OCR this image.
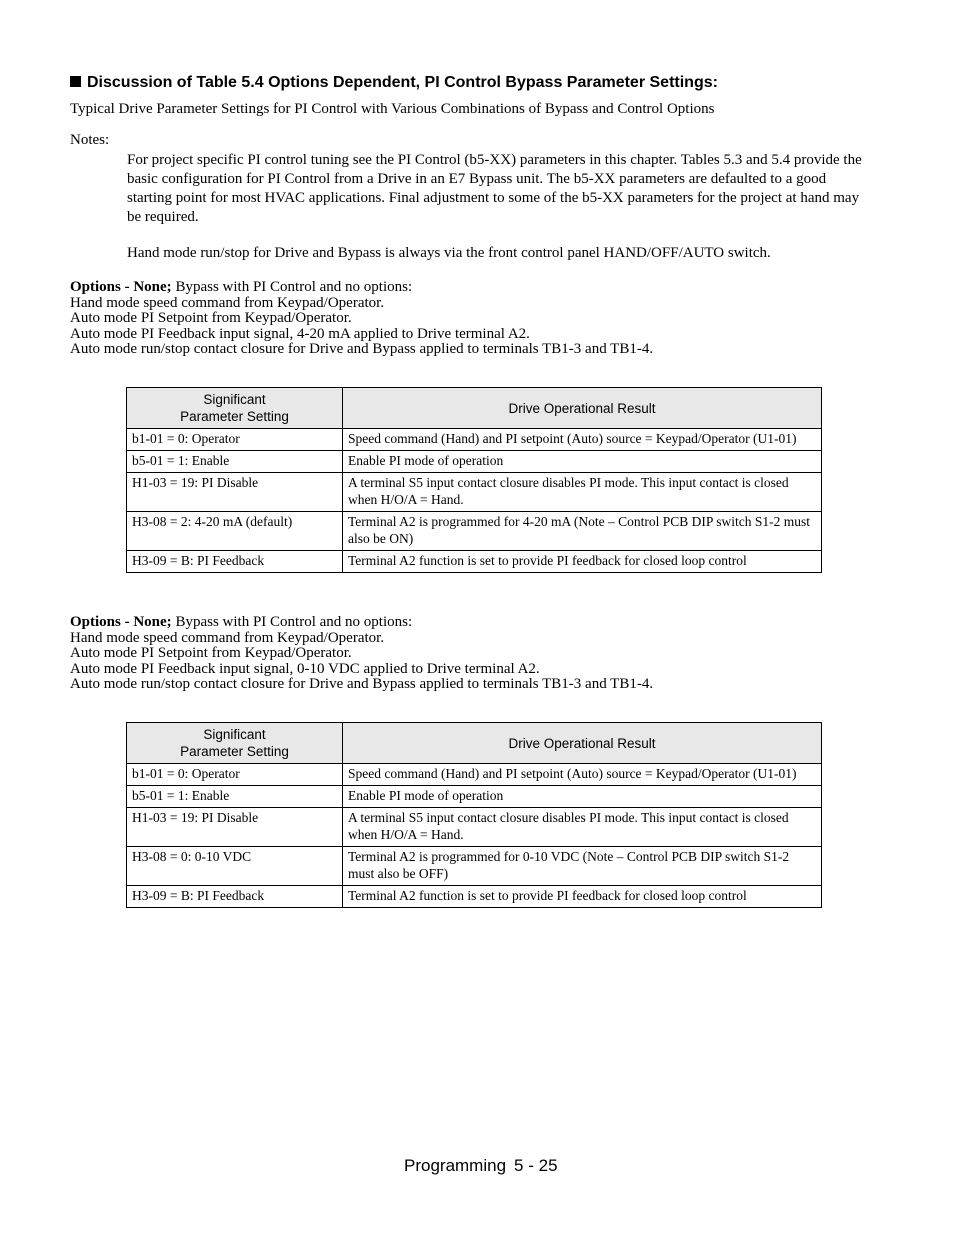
Discussion of Table 5.4 Options Dependent, PI Control Bypass Parameter Settings:
Typical Drive Parameter Settings for PI Control with Various Combinations of Bypass and Control Options
Notes:
For project specific PI control tuning see the PI Control (b5-XX) parameters in this chapter. Tables 5.3 and 5.4 provide the basic configuration for PI Control from a Drive in an E7 Bypass unit. The b5-XX parameters are defaulted to a good starting point for most HVAC applications. Final adjustment to some of the b5-XX parameters for the project at hand may be required.
Hand mode run/stop for Drive and Bypass is always via the front control panel HAND/OFF/AUTO switch.
Options - None; Bypass with PI Control and no options:
Hand mode speed command from Keypad/Operator.
Auto mode PI Setpoint from Keypad/Operator.
Auto mode PI Feedback input signal, 4-20 mA applied to Drive terminal A2.
Auto mode run/stop contact closure for Drive and Bypass applied to terminals TB1-3 and TB1-4.
Significant
Parameter Setting	Drive Operational Result
b1-01 = 0: Operator	Speed command (Hand) and PI setpoint (Auto) source = Keypad/Operator (U1-01)
b5-01 = 1: Enable	Enable PI mode of operation
H1-03 = 19: PI Disable	A terminal S5 input contact closure disables PI mode. This input contact is closed when H/O/A = Hand.
H3-08 = 2: 4-20 mA (default)	Terminal A2 is programmed for 4-20 mA (Note – Control PCB DIP switch S1-2 must also be ON)
H3-09 = B: PI Feedback	Terminal A2 function is set to provide PI feedback for closed loop control
Options - None; Bypass with PI Control and no options:
Hand mode speed command from Keypad/Operator.
Auto mode PI Setpoint from Keypad/Operator.
Auto mode PI Feedback input signal, 0-10 VDC applied to Drive terminal A2.
Auto mode run/stop contact closure for Drive and Bypass applied to terminals TB1-3 and TB1-4.
Significant
Parameter Setting	Drive Operational Result
b1-01 = 0: Operator	Speed command (Hand) and PI setpoint (Auto) source = Keypad/Operator (U1-01)
b5-01 = 1: Enable	Enable PI mode of operation
H1-03 = 19: PI Disable	A terminal S5 input contact closure disables PI mode. This input contact is closed when H/O/A = Hand.
H3-08 = 0: 0-10 VDC	Terminal A2 is programmed for 0-10 VDC (Note – Control PCB DIP switch S1-2 must also be OFF)
H3-09 = B: PI Feedback	Terminal A2 function is set to provide PI feedback for closed loop control
Programming 5 - 25
